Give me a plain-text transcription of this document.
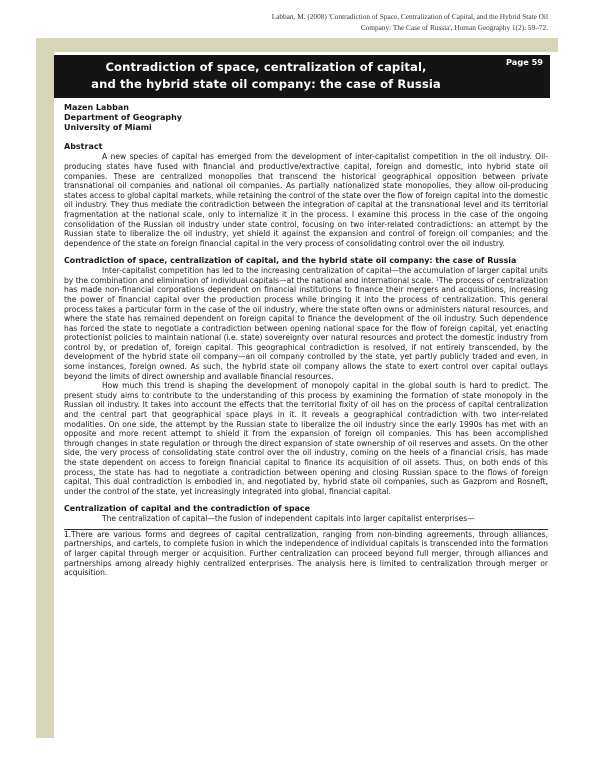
Labban, M. (2008) 'Contradiction of Space, Centralization of Capital, and the Hybrid State Oil
Company: The Case of Russia', Human Geography 1(2): 59–72.
Contradiction of space, centralization of capital,
and the hybrid state oil company: the case of Russia
Page 59
Mazen Labban
Department of Geography
University of Miami
Abstract

A new species of capital has emerged from the development of inter-capitalist competition in the oil industry. Oil-producing states have fused with financial and productive/extractive capital, foreign and domestic, into hybrid state oil companies. These are centralized monopolies that transcend the historical geographical opposition between private transnational oil companies and national oil companies. As partially nationalized state monopolies, they allow oil-producing states access to global capital markets, while retaining the control of the state over the flow of foreign capital into the domestic oil industry. They thus mediate the contradiction between the integration of capital at the transnational level and its territorial fragmentation at the national scale, only to internalize it in the process. I examine this process in the case of the ongoing consolidation of the Russian oil industry under state control, focusing on two inter-related contradictions: an attempt by the Russian state to liberalize the oil industry, yet shield it against the expansion and control of foreign oil companies; and the dependence of the state on foreign financial capital in the very process of consolidating control over the oil industry.

Contradiction of space, centralization of capital, and the hybrid state oil company: the case of Russia

Inter-capitalist competition has led to the increasing centralization of capital—the accumulation of larger capital units by the combination and elimination of individual capitals—at the national and international scale. ¹The process of centralization has made non-financial corporations dependent on financial institutions to finance their mergers and acquisitions, increasing the power of financial capital over the production process while bringing it into the process of centralization. This general process takes a particular form in the case of the oil industry, where the state often owns or administers natural resources, and where the state has remained dependent on foreign capital to finance the development of the oil industry. Such dependence has forced the state to negotiate a contradiction between opening national space for the flow of foreign capital, yet enacting protectionist policies to maintain national (i.e. state) sovereignty over natural resources and protect the domestic industry from control by, or predation of, foreign capital. This geographical contradiction is resolved, if not entirely transcended, by the development of the hybrid state oil company—an oil company controlled by the state, yet partly publicly traded and even, in some instances, foreign owned. As such, the hybrid state oil company allows the state to exert control over capital outlays beyond the limits of direct ownership and available financial resources.

How much this trend is shaping the development of monopoly capital in the global south is hard to predict. The present study aims to contribute to the understanding of this process by examining the formation of state monopoly in the Russian oil industry. It takes into account the effects that the territorial fixity of oil has on the process of capital centralization and the central part that geographical space plays in it. It reveals a geographical contradiction with two inter-related modalities. On one side, the attempt by the Russian state to liberalize the oil industry since the early 1990s has met with an opposite and more recent attempt to shield it from the expansion of foreign oil companies. This has been accomplished through changes in state regulation or through the direct expansion of state ownership of oil reserves and assets. On the other side, the very process of consolidating state control over the oil industry, coming on the heels of a financial crisis, has made the state dependent on access to foreign financial capital to finance its acquisition of oil assets. Thus, on both ends of this process, the state has had to negotiate a contradiction between opening and closing Russian space to the flows of foreign capital. This dual contradiction is embodied in, and negotiated by, hybrid state oil companies, such as Gazprom and Rosneft, under the control of the state, yet increasingly integrated into global, financial capital.

Centralization of capital and the contradiction of space

The centralization of capital—the fusion of independent capitals into larger capitalist enterprises—

1.There are various forms and degrees of capital centralization, ranging from non-binding agreements, through alliances, partnerships, and cartels, to complete fusion in which the independence of individual capitals is transcended into the formation of larger capital through merger or acquisition. Further centralization can proceed beyond full merger, through alliances and partnerships among already highly centralized enterprises. The analysis here is limited to centralization through merger or acquisition.
